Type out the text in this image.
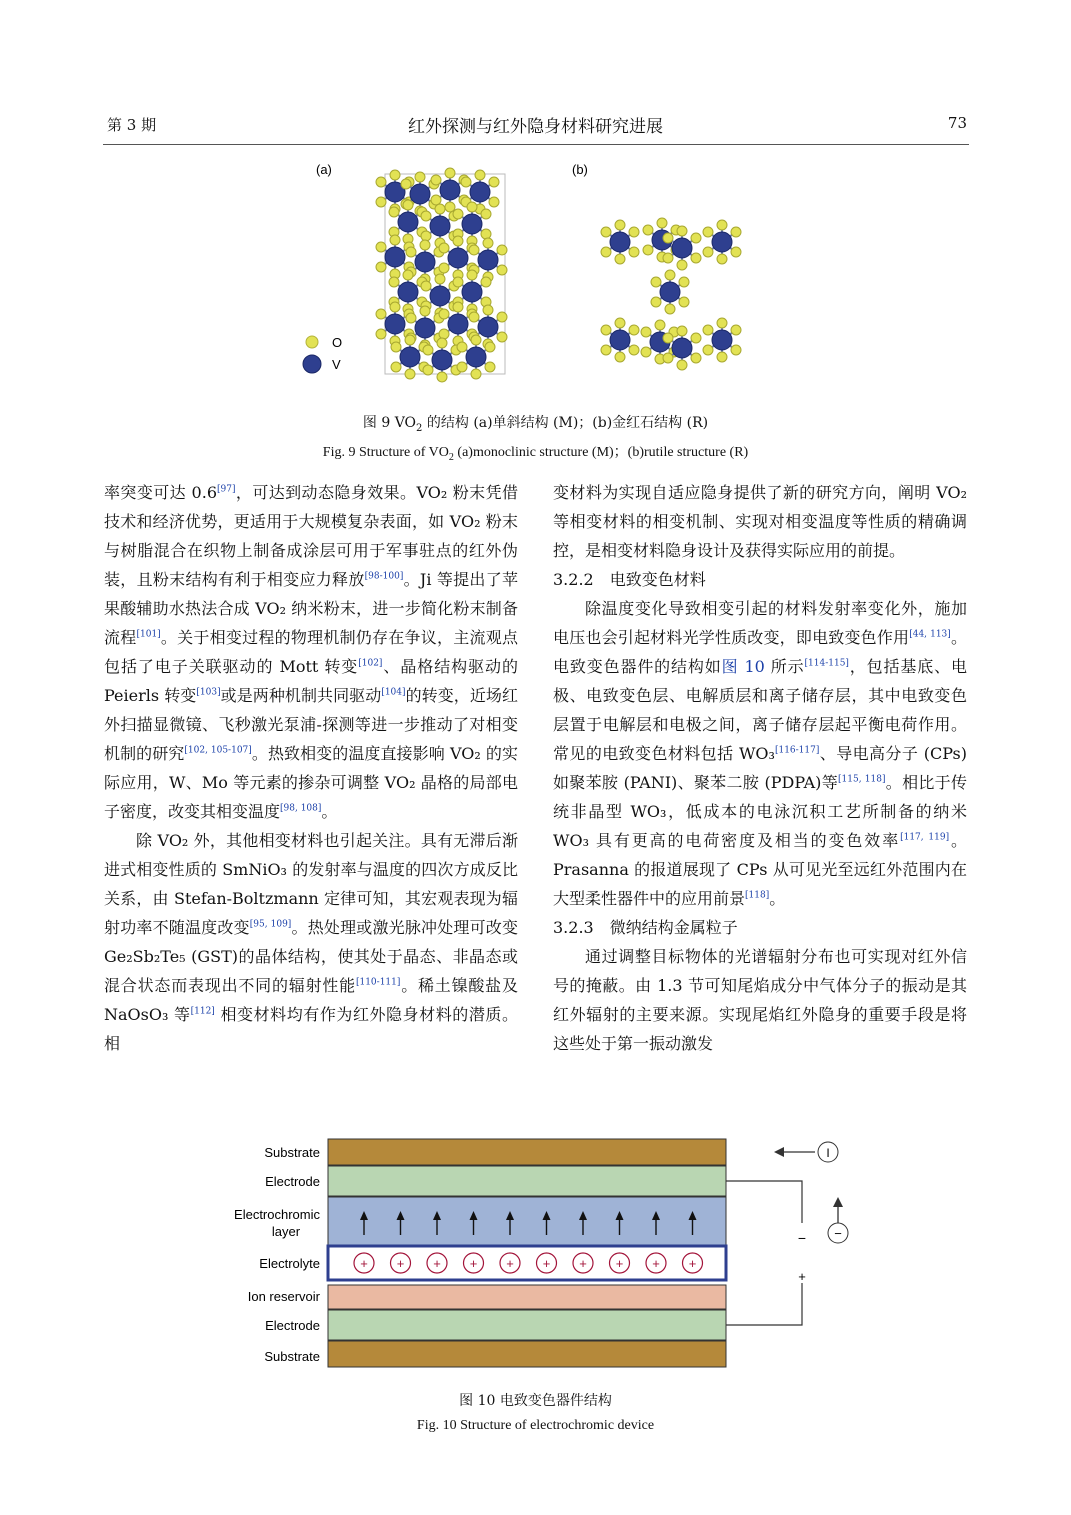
第 3 期	红外探测与红外隐身材料研究进展	73
(a)	(b)
O
V
图 9 $VO_2$ 的结构 (a)单斜结构 (M)；(b)金红石结构 (R)
Fig. 9 Structure of $VO_2$ (a)monoclinic structure (M)；(b)rutile structure (R)

率突变可达 0.6[97]，可达到动态隐身效果。VO₂ 粉末凭借技术和经济优势，更适用于大规模复杂表面，如 VO₂ 粉末与树脂混合在织物上制备成涂层可用于军事驻点的红外伪装，且粉末结构有利于相变应力释放[98-100]。Ji 等提出了苹果酸辅助水热法合成 VO₂ 纳米粉末，进一步简化粉末制备流程[101]。关于相变过程的物理机制仍存在争议，主流观点包括了电子关联驱动的 Mott 转变[102]、晶格结构驱动的 Peierls 转变[103]或是两种机制共同驱动[104]的转变，近场红外扫描显微镜、飞秒激光泵浦-探测等进一步推动了对相变机制的研究[102, 105-107]。热致相变的温度直接影响 VO₂ 的实际应用，W、Mo 等元素的掺杂可调整 VO₂ 晶格的局部电子密度，改变其相变温度[98, 108]。

除 VO₂ 外，其他相变材料也引起关注。具有无滞后渐进式相变性质的 SmNiO₃ 的发射率与温度的四次方成反比关系，由 Stefan-Boltzmann 定律可知，其宏观表现为辐射功率不随温度改变[95, 109]。热处理或激光脉冲处理可改变 Ge₂Sb₂Te₅ (GST)的晶体结构，使其处于晶态、非晶态或混合状态而表现出不同的辐射性能[110-111]。稀土镍酸盐及 NaOsO₃ 等[112] 相变材料均有作为红外隐身材料的潜质。相

变材料为实现自适应隐身提供了新的研究方向，阐明 VO₂ 等相变材料的相变机制、实现对相变温度等性质的精确调控，是相变材料隐身设计及获得实际应用的前提。

3.2.2　电致变色材料

除温度变化导致相变引起的材料发射率变化外，施加电压也会引起材料光学性质改变，即电致变色作用[44, 113]。电致变色器件的结构如图 10 所示[114-115]，包括基底、电极、电致变色层、电解质层和离子储存层，其中电致变色层置于电解层和电极之间，离子储存层起平衡电荷作用。常见的电致变色材料包括 WO₃[116-117]、导电高分子 (CPs)如聚苯胺 (PANI)、聚苯二胺 (PDPA)等[115, 118]。相比于传统非晶型 WO₃，低成本的电泳沉积工艺所制备的纳米 WO₃ 具有更高的电荷密度及相当的变色效率[117, 119]。Prasanna 的报道展现了 CPs 从可见光至远红外范围内在大型柔性器件中的应用前景[118]。

3.2.3　微纳结构金属粒子

通过调整目标物体的光谱辐射分布也可实现对红外信号的掩蔽。由 1.3 节可知尾焰成分中气体分子的振动是其红外辐射的主要来源。实现尾焰红外隐身的重要手段是将这些处于第一振动激发

Substrate
Electrode
Electrochromic
layer
Electrolyte
Ion reservoir
Electrode
Substrate
+ + + + + + + + + +
−
+
I
−
图 10 电致变色器件结构
Fig. 10 Structure of electrochromic device
